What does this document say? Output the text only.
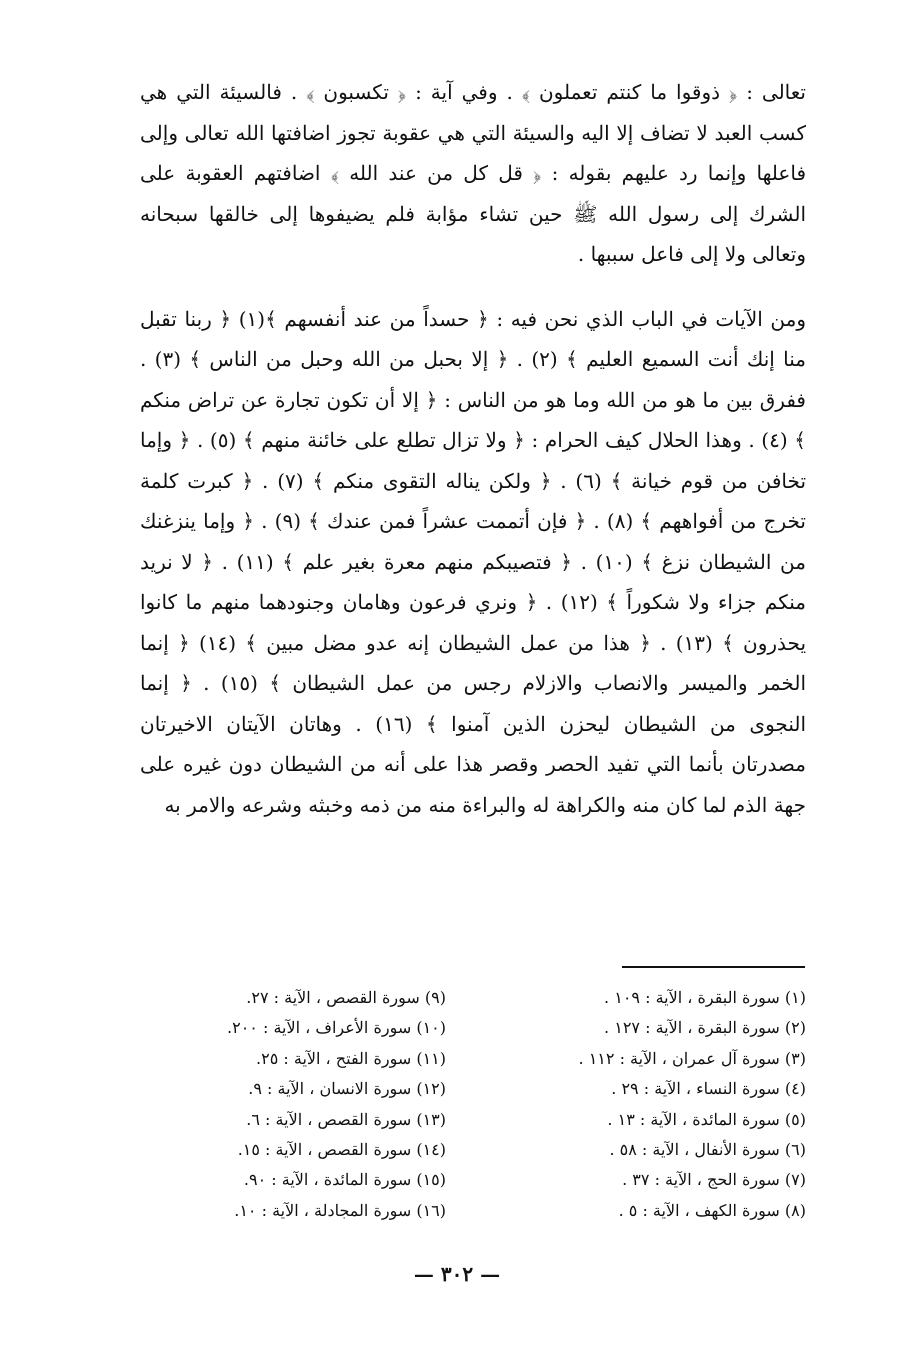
تعالى : ﴿ ذوقوا ما كنتم تعملون ﴾ . وفي آية : ﴿ تكسبون ﴾ . فالسيئة التي هي كسب العبد لا تضاف إلا اليه والسيئة التي هي عقوبة تجوز اضافتها الله تعالى وإلى فاعلها وإنما رد عليهم بقوله : ﴿ قل كل من عند الله ﴾ اضافتهم العقوبة على الشرك إلى رسول الله ﷺ حين تشاء مؤابة فلم يضيفوها إلى خالقها سبحانه وتعالى ولا إلى فاعل سببها .

ومن الآيات في الباب الذي نحن فيه : ﴿ حسداً من عند أنفسهم ﴾(١) ﴿ ربنا تقبل منا إنك أنت السميع العليم ﴾ (٢) . ﴿ إلا بحبل من الله وحبل من الناس ﴾ (٣) . ففرق بين ما هو من الله وما هو من الناس : ﴿ إلا أن تكون تجارة عن تراض منكم ﴾ (٤) . وهذا الحلال كيف الحرام : ﴿ ولا تزال تطلع على خائنة منهم ﴾ (٥) . ﴿ وإما تخافن من قوم خيانة ﴾ (٦) . ﴿ ولكن يناله التقوى منكم ﴾ (٧) . ﴿ كبرت كلمة تخرج من أفواههم ﴾ (٨) . ﴿ فإن أتممت عشراً فمن عندك ﴾ (٩) . ﴿ وإما ينزغنك من الشيطان نزغ ﴾ (١٠) . ﴿ فتصيبكم منهم معرة بغير علم ﴾ (١١) . ﴿ لا نريد منكم جزاء ولا شكوراً ﴾ (١٢) . ﴿ ونري فرعون وهامان وجنودهما منهم ما كانوا يحذرون ﴾ (١٣) . ﴿ هذا من عمل الشيطان إنه عدو مضل مبين ﴾ (١٤) ﴿ إنما الخمر والميسر والانصاب والازلام رجس من عمل الشيطان ﴾ (١٥) . ﴿ إنما النجوى من الشيطان ليحزن الذين آمنوا ﴾ (١٦) . وهاتان الآيتان الاخيرتان مصدرتان بأنما التي تفيد الحصر وقصر هذا على أنه من الشيطان دون غيره على جهة الذم لما كان منه والكراهة له والبراءة منه من ذمه وخبثه وشرعه والامر به

(١) سورة البقرة ، الآية : ١٠٩ .
(٢) سورة البقرة ، الآية : ١٢٧ .
(٣) سورة آل عمران ، الآية : ١١٢ .
(٤) سورة النساء ، الآية : ٢٩ .
(٥) سورة المائدة ، الآية : ١٣ .
(٦) سورة الأنفال ، الآية : ٥٨ .
(٧) سورة الحج ، الآية : ٣٧ .
(٨) سورة الكهف ، الآية : ٥ .
(٩) سورة القصص ، الآية : ٢٧.
(١٠) سورة الأعراف ، الآية : ٢٠٠.
(١١) سورة الفتح ، الآية : ٢٥.
(١٢) سورة الانسان ، الآية : ٩.
(١٣) سورة القصص ، الآية : ٦.
(١٤) سورة القصص ، الآية : ١٥.
(١٥) سورة المائدة ، الآية : ٩٠.
(١٦) سورة المجادلة ، الآية : ١٠.
— ٣٠٢ —
